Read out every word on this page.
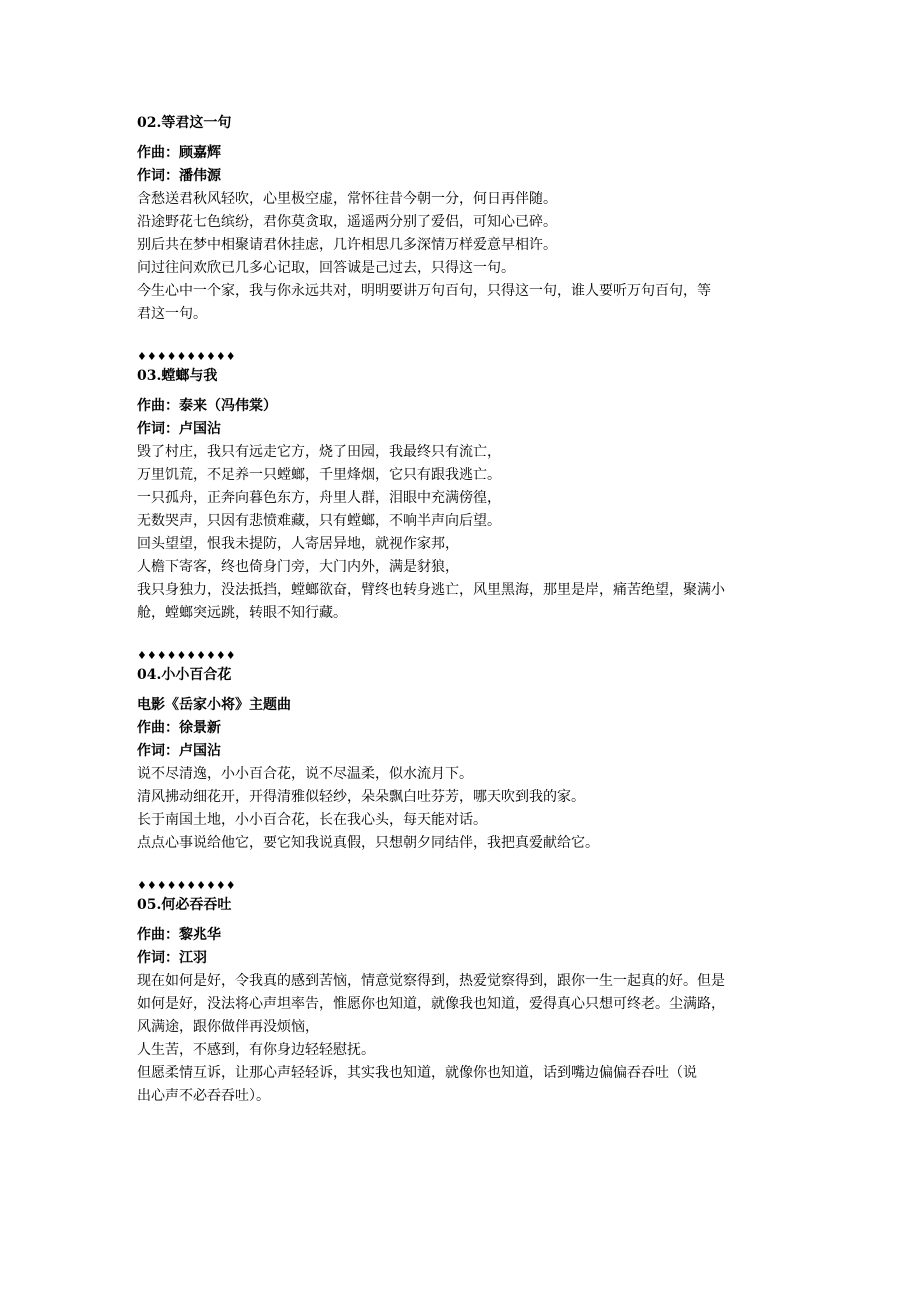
02.等君这一句
作曲：顾嘉辉
作词：潘伟源

含愁送君秋风轻吹，心里极空虚，常怀往昔今朝一分，何日再伴随。

沿途野花七色缤纷，君你莫贪取，遥遥两分别了爱侣，可知心已碎。

别后共在梦中相聚请君休挂虑，几许相思几多深情万样爱意早相许。

问过往问欢欣已几多心记取，回答诚是己过去，只得这一句。

今生心中一个家，我与你永远共对，明明要讲万句百句，只得这一句，谁人要听万句百句，等

君这一句。

♦♦♦♦♦♦♦♦♦♦
03.螳螂与我
作曲：泰来（冯伟棠）
作词：卢国沾

毁了村庄，我只有远走它方，烧了田园，我最终只有流亡，

万里饥荒，不足养一只螳螂，千里烽烟，它只有跟我逃亡。

一只孤舟，正奔向暮色东方，舟里人群，泪眼中充满傍徨，

无数哭声，只因有悲愤难藏，只有螳螂，不响半声向后望。

回头望望，恨我未提防，人寄居异地，就视作家邦，

人檐下寄客，终也倚身门旁，大门内外，满是豺狼，

我只身独力，没法抵挡，螳螂欲奋，臂终也转身逃亡，风里黑海，那里是岸，痛苦绝望，聚满小

舱，螳螂突远跳，转眼不知行藏。

♦♦♦♦♦♦♦♦♦♦
04.小小百合花
电影《岳家小将》主题曲
作曲：徐景新
作词：卢国沾

说不尽清逸，小小百合花，说不尽温柔，似水流月下。

清风拂动细花开，开得清雅似轻纱，朵朵飘白吐芬芳，哪天吹到我的家。

长于南国土地，小小百合花，长在我心头，每天能对话。

点点心事说给他它，要它知我说真假，只想朝夕同结伴，我把真爱献给它。

♦♦♦♦♦♦♦♦♦♦
05.何必吞吞吐
作曲：黎兆华
作词：江羽

现在如何是好，令我真的感到苦恼，情意觉察得到，热爱觉察得到，跟你一生一起真的好。但是

如何是好，没法将心声坦率告，惟愿你也知道，就像我也知道，爱得真心只想可终老。尘满路，

风满途，跟你做伴再没烦恼，

人生苦，不感到，有你身边轻轻慰抚。

但愿柔情互诉，让那心声轻轻诉，其实我也知道，就像你也知道，话到嘴边偏偏吞吞吐（说

出心声不必吞吞吐）。
